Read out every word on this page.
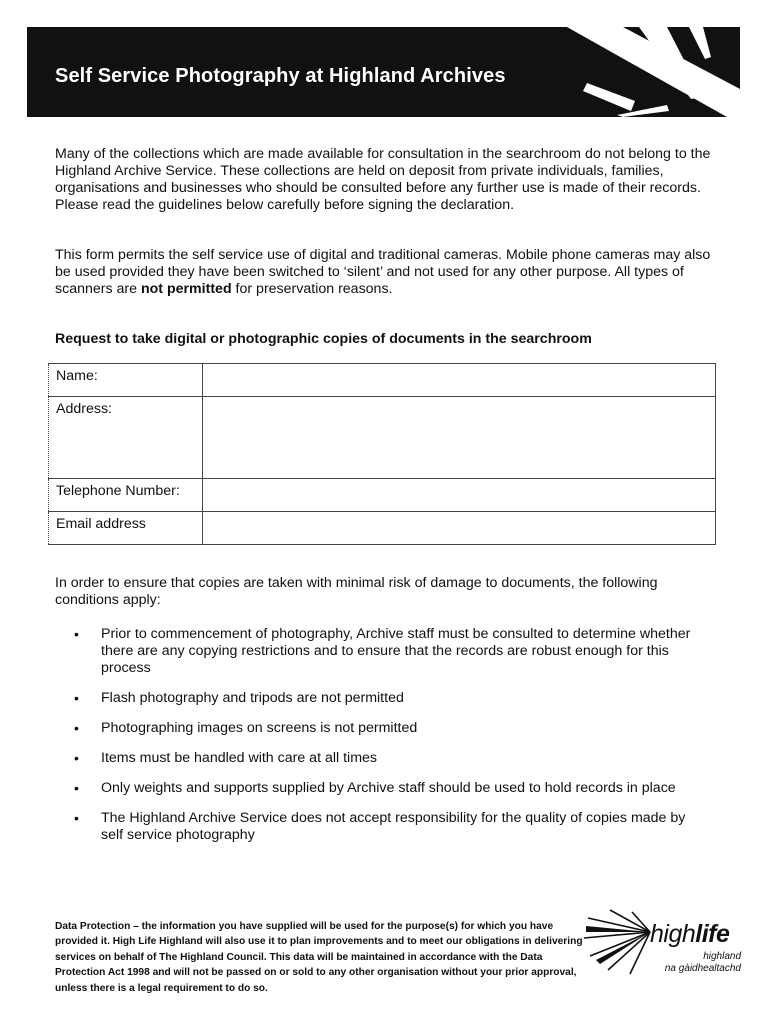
Self Service Photography at Highland Archives

Many of the collections which are made available for consultation in the searchroom do not belong to the Highland Archive Service. These collections are held on deposit from private individuals, families, organisations and businesses who should be consulted before any further use is made of their records. Please read the guidelines below carefully before signing the declaration.

This form permits the self service use of digital and traditional cameras. Mobile phone cameras may also be used provided they have been switched to ‘silent’ and not used for any other purpose. All types of scanners are not permitted for preservation reasons.

Request to take digital or photographic copies of documents in the searchroom
Name:	
Address:	
Telephone Number:	
Email address	

In order to ensure that copies are taken with minimal risk of damage to documents, the following conditions apply:

• Prior to commencement of photography, Archive staff must be consulted to determine whether there are any copying restrictions and to ensure that the records are robust enough for this process
• Flash photography and tripods are not permitted
• Photographing images on screens is not permitted
• Items must be handled with care at all times
• Only weights and supports supplied by Archive staff should be used to hold records in place
• The Highland Archive Service does not accept responsibility for the quality of copies made by self service photography

Data Protection – the information you have supplied will be used for the purpose(s) for which you have provided it. High Life Highland will also use it to plan improvements and to meet our obligations in delivering services on behalf of The Highland Council. This data will be maintained in accordance with the Data Protection Act 1998 and will not be passed on or sold to any other organisation without your prior approval, unless there is a legal requirement to do so.

highlife
highland
na gàidhealtachd
